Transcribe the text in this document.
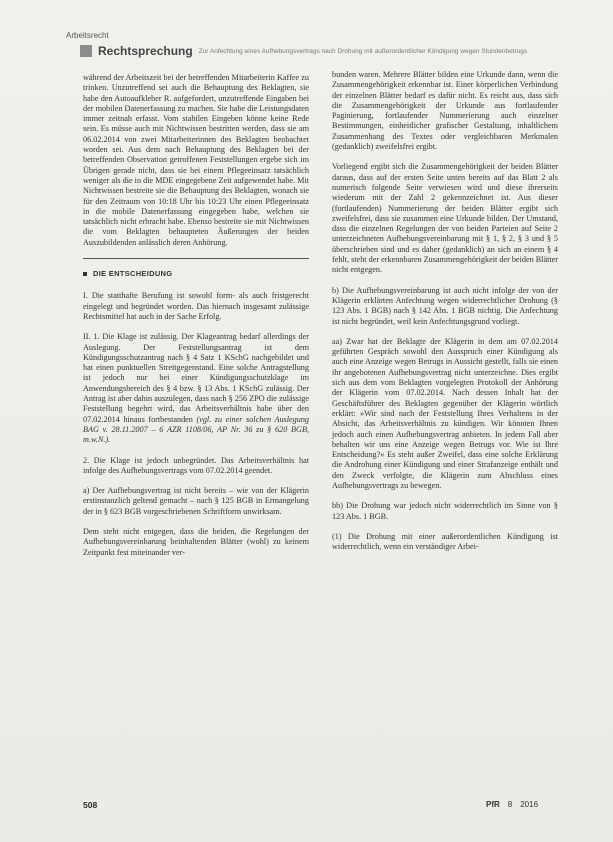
Arbeitsrecht
Rechtsprechung Zur Anfechtung eines Aufhebungsvertrags nach Drohung mit außerordentlicher Kündigung wegen Stundenbetrugs

während der Arbeitszeit bei der betreffenden Mitarbeiterin Kaffee zu trinken. Unzutreffend sei auch die Behauptung des Beklagten, sie habe den Autoaufkleber R. aufgefordert, unzutreffende Eingaben bei der mobilen Datenerfassung zu machen. Sie habe die Leistungsdaten immer zeitnah erfasst. Vom stabilen Eingeben könne keine Rede sein. Es müsse auch mit Nichtwissen bestritten werden, dass sie am 06.02.2014 von zwei Mitarbeiterinnen des Beklagten beobachtet worden sei. Aus dem nach Behauptung des Beklagten bei der betreffenden Observation getroffenen Feststellungen ergebe sich im Übrigen gerade nicht, dass sie bei einem Pflegeeinsatz tatsächlich weniger als die in die MDE eingegebene Zeit aufgewendet habe. Mit Nichtwissen bestreite sie die Behauptung des Beklagten, wonach sie für den Zeitraum von 10:18 Uhr bis 10:23 Uhr einen Pflegeeinsatz in die mobile Datenerfassung eingegeben habe, welchen sie tatsächlich nicht erbracht habe. Ebenso bestreite sie mit Nichtwissen die vom Beklagten behaupteten Äußerungen der beiden Auszubildenden anlässlich deren Anhörung.

DIE ENTSCHEIDUNG

I. Die statthafte Berufung ist sowohl form- als auch fristgerecht eingelegt und begründet worden. Das hiernach insgesamt zulässige Rechtsmittel hat auch in der Sache Erfolg.

II. 1. Die Klage ist zulässig. Der Klageantrag bedarf allerdings der Auslegung. Der Feststellungsantrag ist dem Kündigungsschutzantrag nach § 4 Satz 1 KSchG nachgebildet und hat einen punktuellen Streitgegenstand. Eine solche Antragstellung ist jedoch nur bei einer Kündigungsschutzklage im Anwendungsbereich des § 4 bzw. § 13 Abs. 1 KSchG zulässig. Der Antrag ist aber dahin auszulegen, dass nach § 256 ZPO die zulässige Feststellung begehrt wird, das Arbeitsverhältnis habe über den 07.02.2014 hinaus fortbestanden (vgl. zu einer solchen Auslegung BAG v. 28.11.2007 – 6 AZR 1108/06, AP Nr. 36 zu § 620 BGB, m.w.N.).

2. Die Klage ist jedoch unbegründet. Das Arbeitsverhältnis hat infolge des Aufhebungsvertrags vom 07.02.2014 geendet.

a) Der Aufhebungsvertrag ist nicht bereits – wie von der Klägerin erstinstanzlich geltend gemacht – nach § 125 BGB in Ermangelung der in § 623 BGB vorgeschriebenen Schriftform unwirksam.

Dem steht nicht entgegen, dass die beiden, die Regelungen der Aufhebungsvereinbarung beinhaltenden Blätter (wohl) zu keinem Zeitpunkt fest miteinander ver-

bunden waren. Mehrere Blätter bilden eine Urkunde dann, wenn die Zusammengehörigkeit erkennbar ist. Einer körperlichen Verbindung der einzelnen Blätter bedarf es dafür nicht. Es reicht aus, dass sich die Zusammengehörigkeit der Urkunde aus fortlaufender Paginierung, fortlaufender Nummerierung auch einzelner Bestimmungen, einheitlicher grafischer Gestaltung, inhaltlichem Zusammenhang des Textes oder vergleichbaren Merkmalen (gedanklich) zweifelsfrei ergibt.

Vorliegend ergibt sich die Zusammengehörigkeit der beiden Blätter daraus, dass auf der ersten Seite unten bereits auf das Blatt 2 als numerisch folgende Seite verwiesen wird und diese ihrerseits wiederum mit der Zahl 2 gekennzeichnet ist. Aus dieser (fortlaufenden) Nummerierung der beiden Blätter ergibt sich zweifelsfrei, dass sie zusammen eine Urkunde bilden. Der Umstand, dass die einzelnen Regelungen der von beiden Parteien auf Seite 2 unterzeichneten Aufhebungsvereinbarung mit § 1, § 2, § 3 und § 5 überschrieben sind und es daher (gedanklich) an sich an einem § 4 fehlt, steht der erkennbaren Zusammengehörigkeit der beiden Blätter nicht entgegen.

b) Die Aufhebungsvereinbarung ist auch nicht infolge der von der Klägerin erklärten Anfechtung wegen widerrechtlicher Drohung (§ 123 Abs. 1 BGB) nach § 142 Abs. 1 BGB nichtig. Die Anfechtung ist nicht begründet, weil kein Anfechtungsgrund vorliegt.

aa) Zwar hat der Beklagte der Klägerin in dem am 07.02.2014 geführten Gespräch sowohl den Ausspruch einer Kündigung als auch eine Anzeige wegen Betrugs in Aussicht gestellt, falls sie einen ihr angebotenen Aufhebungsvertrag nicht unterzeichne. Dies ergibt sich aus dem vom Beklagten vorgelegten Protokoll der Anhörung der Klägerin vom 07.02.2014. Nach dessen Inhalt hat der Geschäftsführer des Beklagten gegenüber der Klägerin wörtlich erklärt: »Wir sind nach der Feststellung Ihres Verhaltens in der Absicht, das Arbeitsverhältnis zu kündigen. Wir könnten Ihnen jedoch auch einen Aufhebungsvertrag anbieten. In jedem Fall aber behalten wir uns eine Anzeige wegen Betrugs vor. Wie ist Ihre Entscheidung?« Es steht außer Zweifel, dass eine solche Erklärung die Androhung einer Kündigung und einer Strafanzeige enthält und den Zweck verfolgte, die Klägerin zum Abschluss eines Aufhebungsvertrags zu bewegen.

bb) Die Drohung war jedoch nicht widerrechtlich im Sinne von § 123 Abs. 1 BGB.

(1) Die Drohung mit einer außerordentlichen Kündigung ist widerrechtlich, wenn ein verständiger Arbei-

508	PfR 8 2016
